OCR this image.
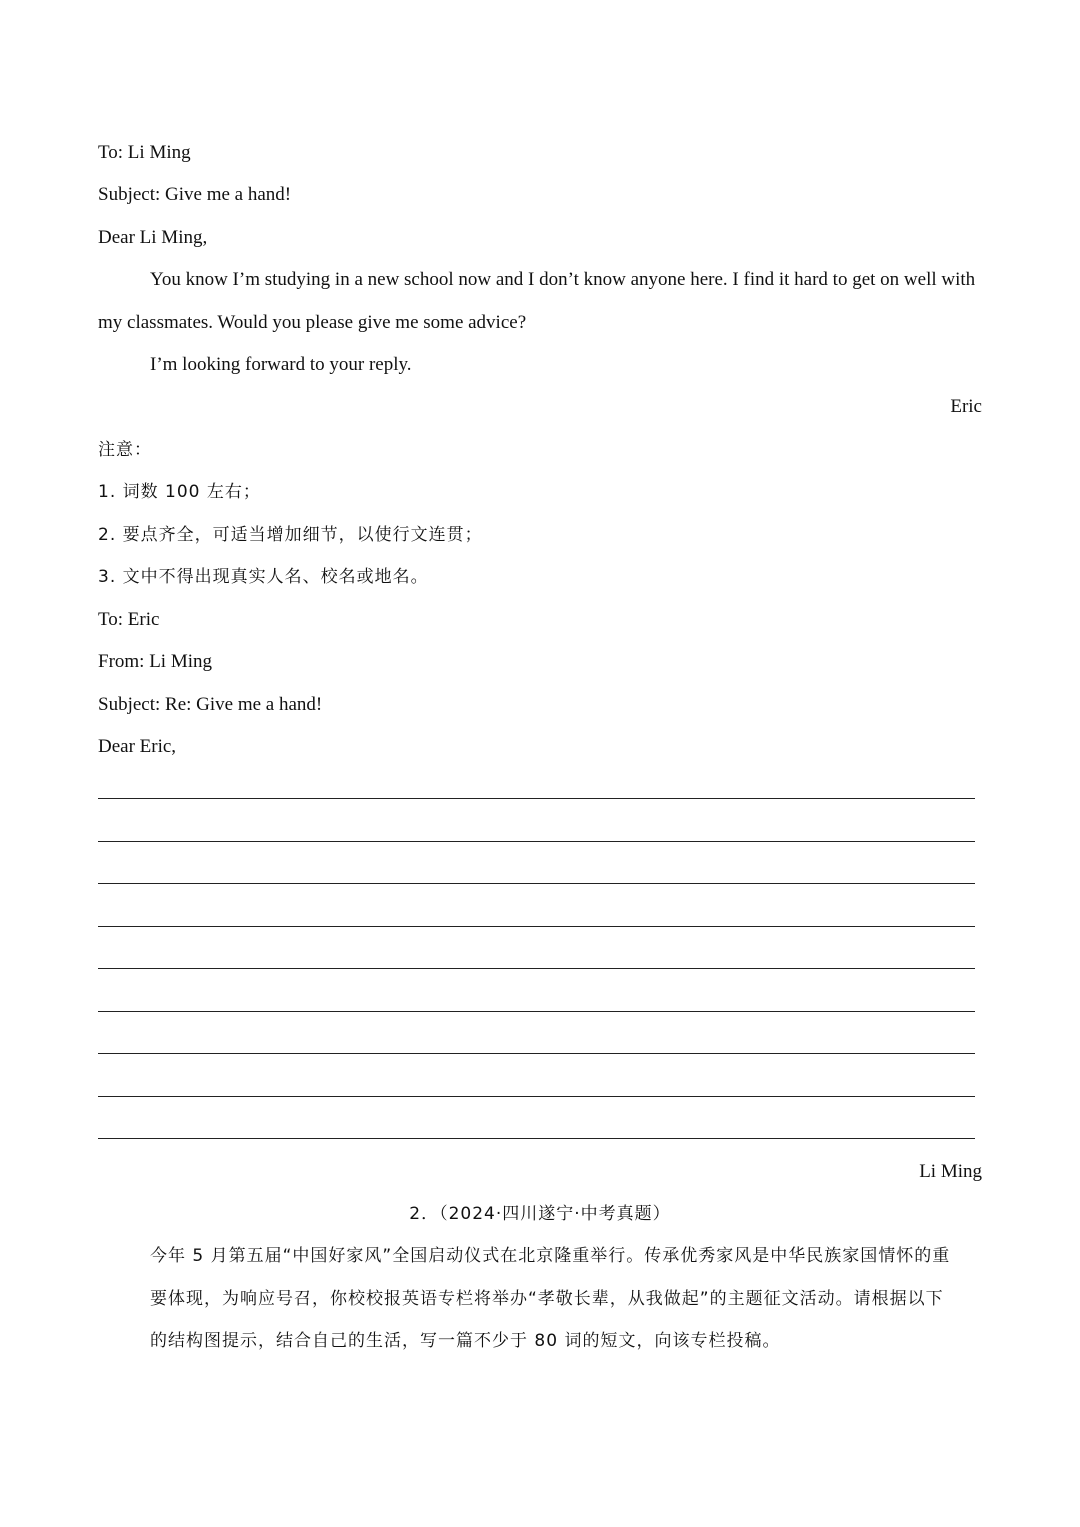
To: Li Ming
Subject: Give me a hand!
Dear Li Ming,
You know I’m studying in a new school now and I don’t know anyone here. I find it hard to get on well with
my classmates. Would you please give me some advice?
I’m looking forward to your reply.
Eric
注意：
1. 词数 100 左右；
2. 要点齐全，可适当增加细节，以使行文连贯；
3. 文中不得出现真实人名、校名或地名。
To: Eric
From: Li Ming
Subject: Re: Give me a hand!
Dear Eric,
Li Ming
2．（2024·四川遂宁·中考真题）
今年 5 月第五届“中国好家风”全国启动仪式在北京隆重举行。传承优秀家风是中华民族家国情怀的重
要体现，为响应号召，你校校报英语专栏将举办“孝敬长辈，从我做起”的主题征文活动。请根据以下
的结构图提示，结合自己的生活，写一篇不少于 80 词的短文，向该专栏投稿。
